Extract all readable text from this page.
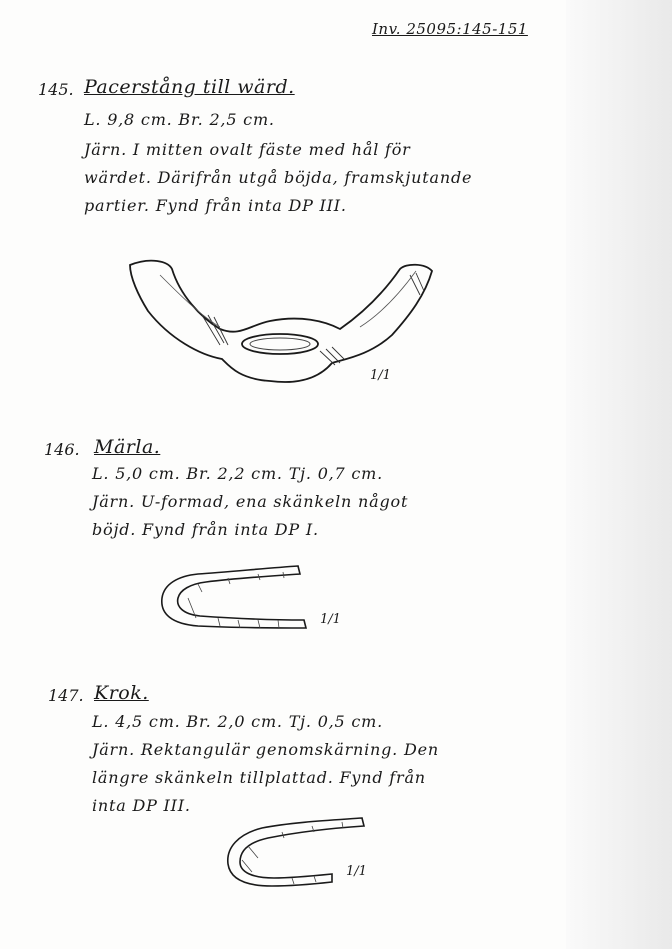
Inv. 25095:145-151
145. Pacerstång till wärd.
L. 9,8 cm. Br. 2,5 cm.
Järn. I mitten ovalt fäste med hål för
wärdet. Därifrån utgå böjda, framskjutande
partier. Fynd från inta DP III.
1/1
146. Märla.
L. 5,0 cm. Br. 2,2 cm. Tj. 0,7 cm.
Järn. U-formad, ena skänkeln något
böjd. Fynd från inta DP I.
1/1
147. Krok.
L. 4,5 cm. Br. 2,0 cm. Tj. 0,5 cm.
Järn. Rektangulär genomskärning. Den
längre skänkeln tillplattad. Fynd från
inta DP III.
1/1
